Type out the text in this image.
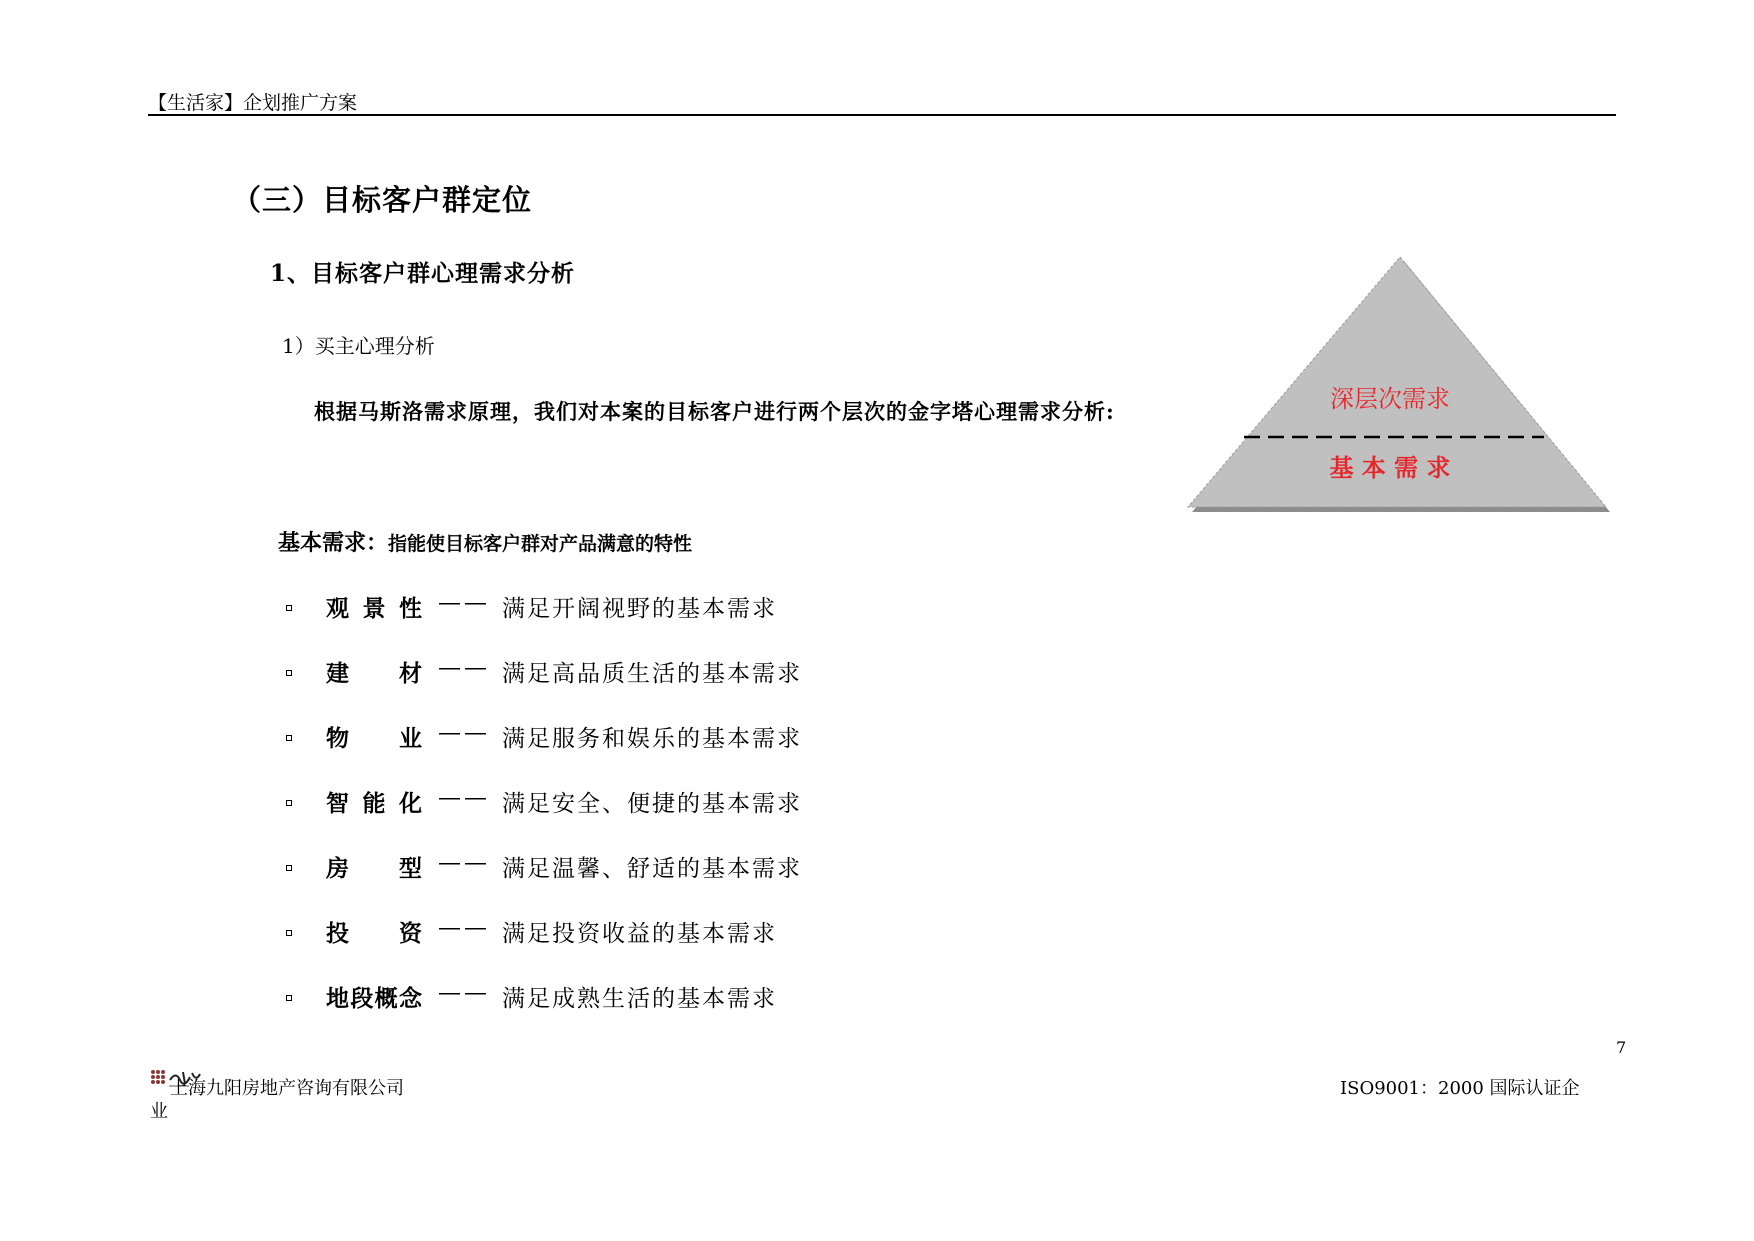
【生活家】企划推广方案
（三）目标客户群定位
1、目标客户群心理需求分析
1）买主心理分析
根据马斯洛需求原理，我们对本案的目标客户进行两个层次的金字塔心理需求分析:	深层次需求
基 本 需 求
基本需求：指能使目标客户群对产品满意的特性
观景性 —— 满足开阔视野的基本需求
建材 —— 满足高品质生活的基本需求
物业 —— 满足服务和娱乐的基本需求
智能化 —— 满足安全、便捷的基本需求
房型 —— 满足温馨、舒适的基本需求
投资 —— 满足投资收益的基本需求
地段概念 —— 满足成熟生活的基本需求
7
上海九阳房地产咨询有限公司
业
ISO9001：2000 国际认证企
